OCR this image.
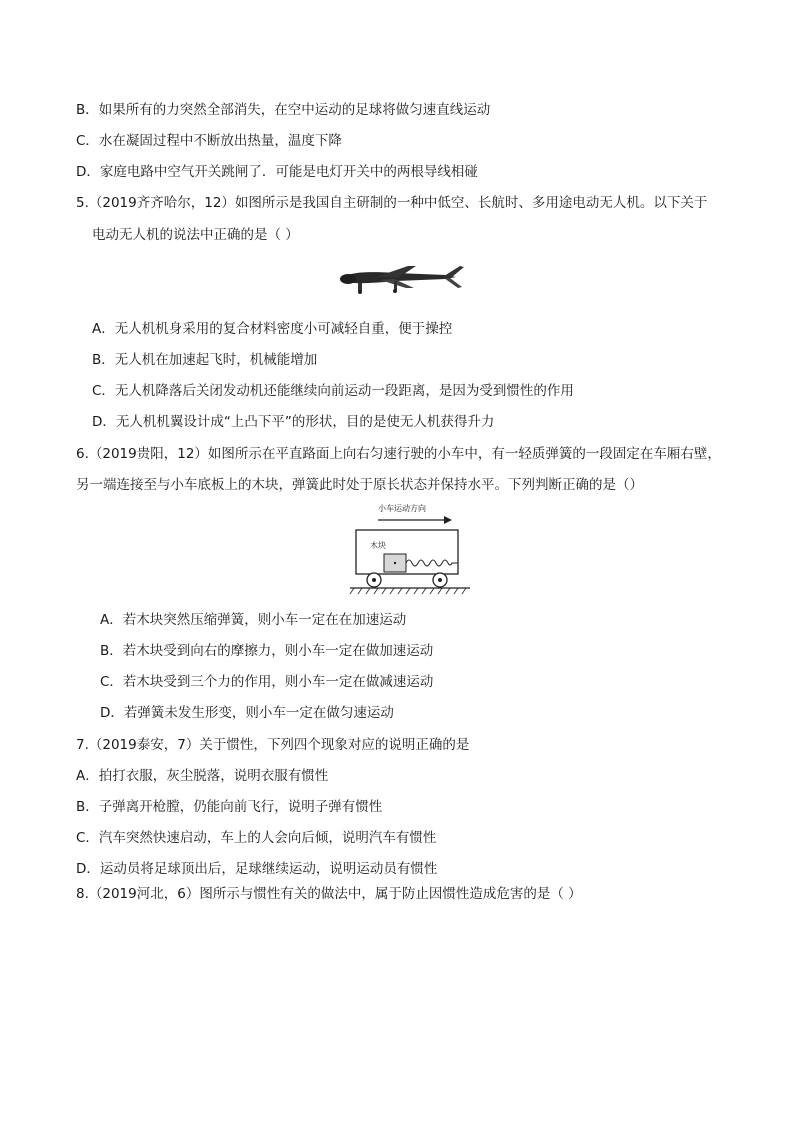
B．如果所有的力突然全部消失，在空中运动的足球将做匀速直线运动
C．水在凝固过程中不断放出热量，温度下降
D．家庭电路中空气开关跳闸了．可能是电灯开关中的两根导线相碰
5.（2019齐齐哈尔，12）如图所示是我国自主研制的一种中低空、长航时、多用途电动无人机。以下关于
电动无人机的说法中正确的是（ ）
A．无人机机身采用的复合材料密度小可减轻自重，便于操控
B．无人机在加速起飞时，机械能增加
C．无人机降落后关闭发动机还能继续向前运动一段距离，是因为受到惯性的作用
D．无人机机翼设计成“上凸下平”的形状，目的是使无人机获得升力
6.（2019贵阳，12）如图所示在平直路面上向右匀速行驶的小车中，有一轻质弹簧的一段固定在车厢右壁，
另一端连接至与小车底板上的木块，弹簧此时处于原长状态并保持水平。下列判断正确的是（）
小车运动方向
木块
A．若木块突然压缩弹簧，则小车一定在在加速运动
B．若木块受到向右的摩擦力，则小车一定在做加速运动
C．若木块受到三个力的作用，则小车一定在做减速运动
D．若弹簧未发生形变，则小车一定在做匀速运动
7.（2019泰安，7）关于惯性，下列四个现象对应的说明正确的是
A．拍打衣服，灰尘脱落，说明衣服有惯性
B．子弹离开枪膛，仍能向前飞行，说明子弹有惯性
C．汽车突然快速启动，车上的人会向后倾，说明汽车有惯性
D．运动员将足球顶出后，足球继续运动，说明运动员有惯性
8.（2019河北，6）图所示与惯性有关的做法中，属于防止因惯性造成危害的是（ ）
